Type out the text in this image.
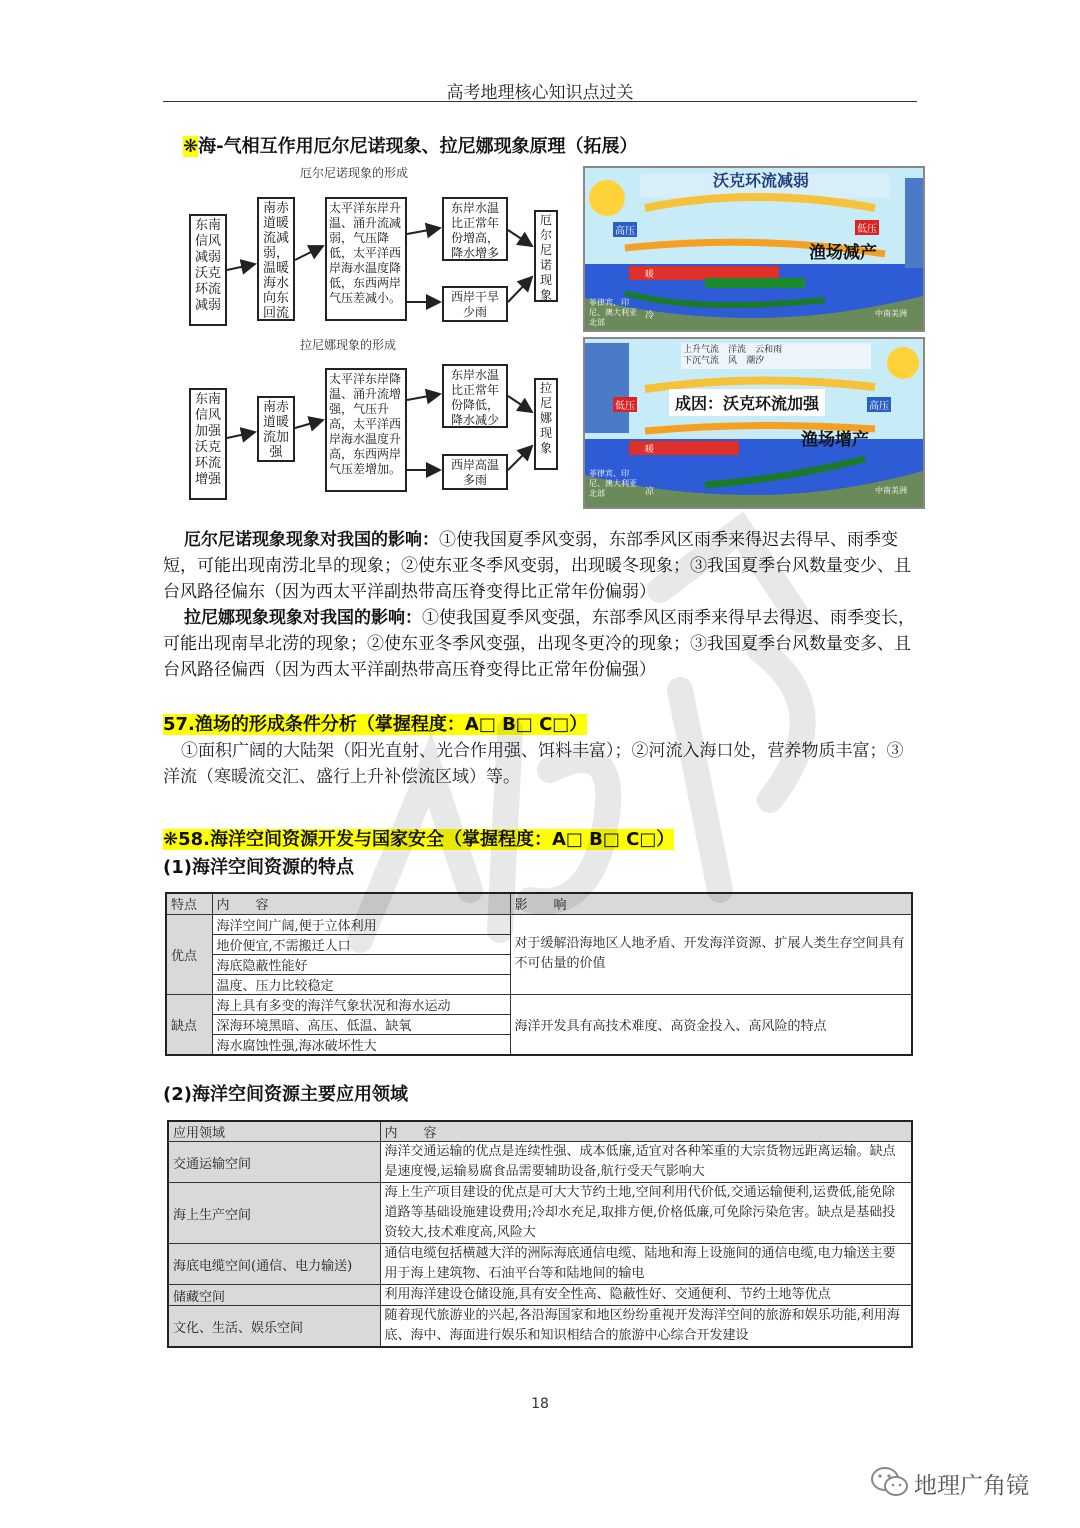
高考地理核心知识点过关
❋海-气相互作用厄尔尼诺现象、拉尼娜现象原理（拓展）
厄尔尼诺现象的形成
东南信风减弱沃克环流减弱
南赤道暖流减弱，温暖海水向东回流
太平洋东岸升温、涌升流减弱，气压降低，太平洋西岸海水温度降低，东西两岸气压差减小。
东岸水温比正常年份增高，降水增多
西岸干旱少雨
厄尔尼诺现象
拉尼娜现象的形成
东南信风加强沃克环流增强
南赤道暖流加强
太平洋东岸降温、涌升流增强，气压升高，太平洋西岸海水温度升高，东西两岸气压差增加。
东岸水温比正常年份降低，降水减少
西岸高温多雨
拉尼娜现象
沃克环流减弱
渔场减产
高压	低压
暖
冷
菲律宾、印尼、澳大利亚北部
中南美洲
上升气流　 洋流　 云和雨
下沉气流　 风　 潮汐
成因：沃克环流加强
渔场增产
低压	高压
暖
凉
菲律宾、印尼、澳大利亚北部	中南美洲
厄尔尼诺现象现象对我国的影响：①使我国夏季风变弱，东部季风区雨季来得迟去得早、雨季变短，可能出现南涝北旱的现象；②使东亚冬季风变弱，出现暖冬现象；③我国夏季台风数量变少、且台风路径偏东（因为西太平洋副热带高压脊变得比正常年份偏弱）
拉尼娜现象现象对我国的影响：①使我国夏季风变强，东部季风区雨季来得早去得迟、雨季变长，可能出现南旱北涝的现象；②使东亚冬季风变强，出现冬更冷的现象；③我国夏季台风数量变多、且台风路径偏西（因为西太平洋副热带高压脊变得比正常年份偏强）
57.渔场的形成条件分析（掌握程度：A□ B□ C□）
①面积广阔的大陆架（阳光直射、光合作用强、饵料丰富）；②河流入海口处，营养物质丰富；③洋流（寒暖流交汇、盛行上升补偿流区域）等。
❋58.海洋空间资源开发与国家安全（掌握程度：A□ B□ C□）
(1)海洋空间资源的特点
特点	内　　容	影　　响
优点	海洋空间广阔,便于立体利用	对于缓解沿海地区人地矛盾、开发海洋资源、扩展人类生存空间具有不可估量的价值
	地价便宜,不需搬迁人口	
	海底隐蔽性能好	
	温度、压力比较稳定	
缺点	海上具有多变的海洋气象状况和海水运动	海洋开发具有高技术难度、高资金投入、高风险的特点
	深海环境黑暗、高压、低温、缺氧	
	海水腐蚀性强,海冰破坏性大	
(2)海洋空间资源主要应用领域
应用领域	内　　容
交通运输空间	海洋交通运输的优点是连续性强、成本低廉,适宜对各种笨重的大宗货物远距离运输。缺点是速度慢,运输易腐食品需要辅助设备,航行受天气影响大
海上生产空间	海上生产项目建设的优点是可大大节约土地,空间利用代价低,交通运输便利,运费低,能免除道路等基础设施建设费用;冷却水充足,取排方便,价格低廉,可免除污染危害。缺点是基础投资较大,技术难度高,风险大
海底电缆空间(通信、电力输送)	通信电缆包括横越大洋的洲际海底通信电缆、陆地和海上设施间的通信电缆,电力输送主要用于海上建筑物、石油平台等和陆地间的输电
储藏空间	利用海洋建设仓储设施,具有安全性高、隐蔽性好、交通便利、节约土地等优点
文化、生活、娱乐空间	随着现代旅游业的兴起,各沿海国家和地区纷纷重视开发海洋空间的旅游和娱乐功能,利用海底、海中、海面进行娱乐和知识相结合的旅游中心综合开发建设
18
地理广角镜
